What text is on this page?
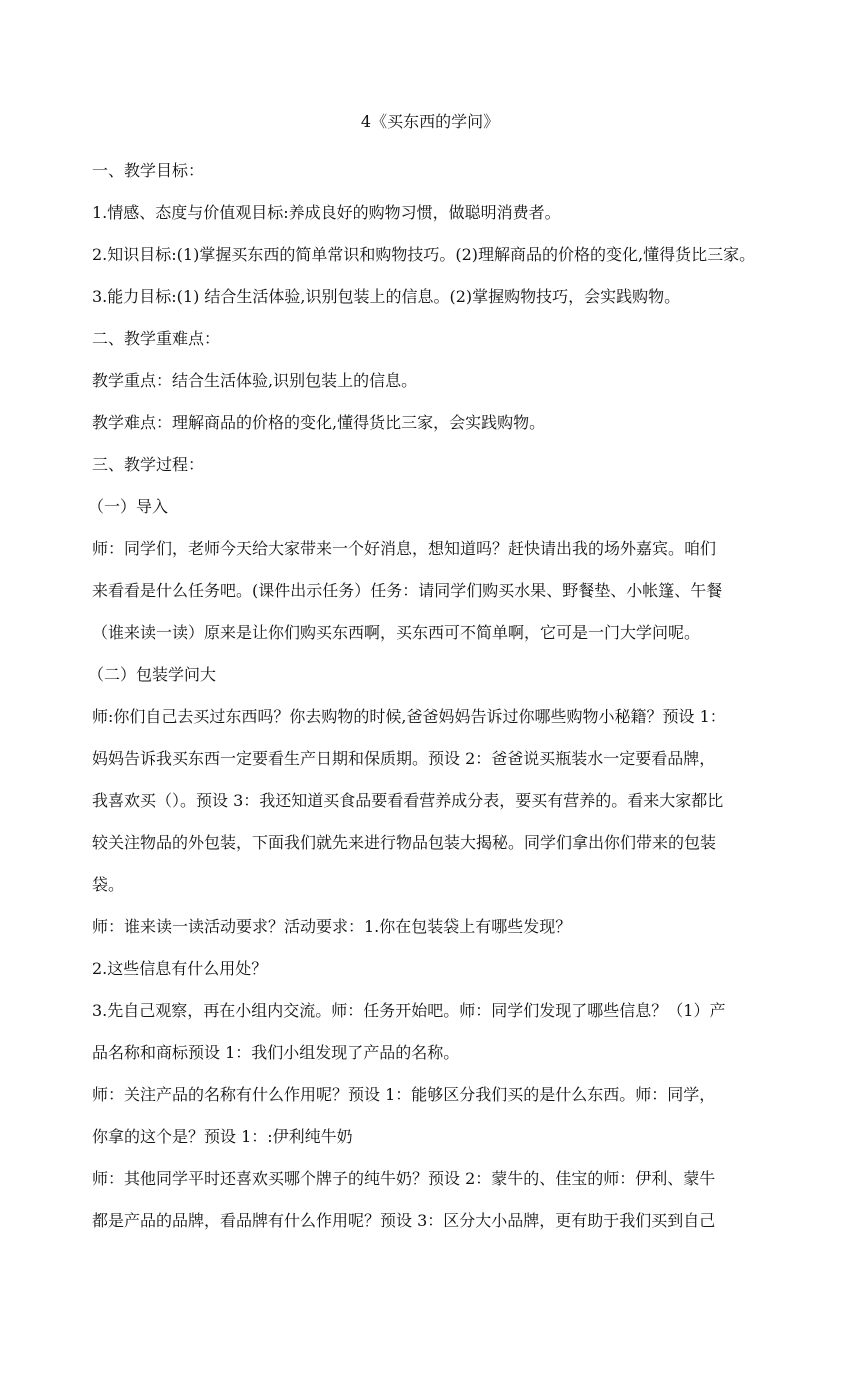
4《买东西的学问》

一、教学目标：

1.情感、态度与价值观目标:养成良好的购物习惯，做聪明消费者。

2.知识目标:(1)掌握买东西的简单常识和购物技巧。(2)理解商品的价格的变化,懂得货比三家。

3.能力目标:(1) 结合生活体验,识别包装上的信息。(2)掌握购物技巧，会实践购物。

二、教学重难点：

教学重点：结合生活体验,识别包装上的信息。

教学难点：理解商品的价格的变化,懂得货比三家，会实践购物。

三、教学过程：

（一）导入

师：同学们，老师今天给大家带来一个好消息，想知道吗？赶快请出我的场外嘉宾。咱们

来看看是什么任务吧。(课件出示任务）任务：请同学们购买水果、野餐垫、小帐篷、午餐

（谁来读一读）原来是让你们购买东西啊，买东西可不简单啊，它可是一门大学问呢。

（二）包装学问大

师:你们自己去买过东西吗？你去购物的时候,爸爸妈妈告诉过你哪些购物小秘籍？预设 1：

妈妈告诉我买东西一定要看生产日期和保质期。预设 2：爸爸说买瓶装水一定要看品牌，

我喜欢买（）。预设 3：我还知道买食品要看看营养成分表，要买有营养的。看来大家都比

较关注物品的外包装，下面我们就先来进行物品包装大揭秘。同学们拿出你们带来的包装

袋。

师：谁来读一读活动要求？活动要求：1.你在包装袋上有哪些发现？

2.这些信息有什么用处？

3.先自己观察，再在小组内交流。师：任务开始吧。师：同学们发现了哪些信息？（1）产

品名称和商标预设 1：我们小组发现了产品的名称。

师：关注产品的名称有什么作用呢？预设 1：能够区分我们买的是什么东西。师：同学，

你拿的这个是？预设 1：:伊利纯牛奶

师：其他同学平时还喜欢买哪个牌子的纯牛奶？预设 2：蒙牛的、佳宝的师：伊利、蒙牛

都是产品的品牌，看品牌有什么作用呢？预设 3：区分大小品牌，更有助于我们买到自己
